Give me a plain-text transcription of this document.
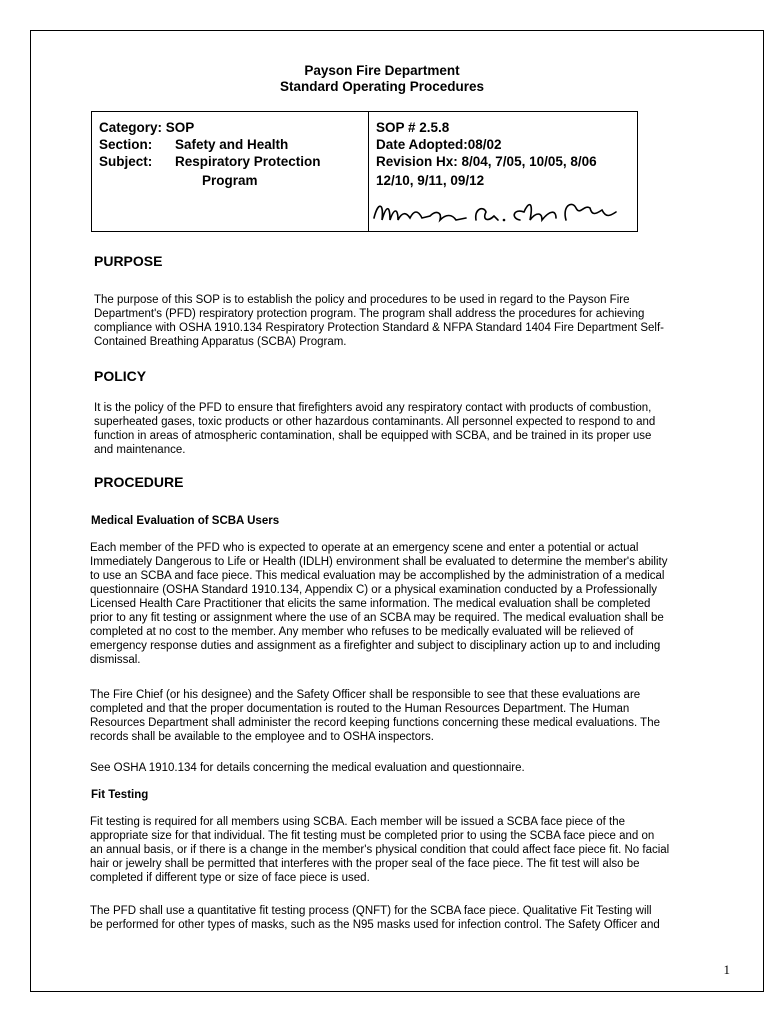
Payson Fire Department
Standard Operating Procedures
Category: SOP
Section: Safety and Health
Subject: Respiratory Protection
Program
SOP # 2.5.8
Date Adopted:08/02
Revision Hx: 8/04, 7/05, 10/05, 8/06
12/10, 9/11, 09/12
PURPOSE
The purpose of this SOP is to establish the policy and procedures to be used in regard to the Payson Fire
Department's (PFD) respiratory protection program. The program shall address the procedures for achieving
compliance with OSHA 1910.134 Respiratory Protection Standard & NFPA Standard 1404 Fire Department Self-
Contained Breathing Apparatus (SCBA) Program.
POLICY
It is the policy of the PFD to ensure that firefighters avoid any respiratory contact with products of combustion,
superheated gases, toxic products or other hazardous contaminants. All personnel expected to respond to and
function in areas of atmospheric contamination, shall be equipped with SCBA, and be trained in its proper use
and maintenance.
PROCEDURE
Medical Evaluation of SCBA Users
Each member of the PFD who is expected to operate at an emergency scene and enter a potential or actual
Immediately Dangerous to Life or Health (IDLH) environment shall be evaluated to determine the member's ability
to use an SCBA and face piece. This medical evaluation may be accomplished by the administration of a medical
questionnaire (OSHA Standard 1910.134, Appendix C) or a physical examination conducted by a Professionally
Licensed Health Care Practitioner that elicits the same information. The medical evaluation shall be completed
prior to any fit testing or assignment where the use of an SCBA may be required. The medical evaluation shall be
completed at no cost to the member. Any member who refuses to be medically evaluated will be relieved of
emergency response duties and assignment as a firefighter and subject to disciplinary action up to and including
dismissal.
The Fire Chief (or his designee) and the Safety Officer shall be responsible to see that these evaluations are
completed and that the proper documentation is routed to the Human Resources Department. The Human
Resources Department shall administer the record keeping functions concerning these medical evaluations. The
records shall be available to the employee and to OSHA inspectors.
See OSHA 1910.134 for details concerning the medical evaluation and questionnaire.
Fit Testing
Fit testing is required for all members using SCBA. Each member will be issued a SCBA face piece of the
appropriate size for that individual. The fit testing must be completed prior to using the SCBA face piece and on
an annual basis, or if there is a change in the member's physical condition that could affect face piece fit. No facial
hair or jewelry shall be permitted that interferes with the proper seal of the face piece. The fit test will also be
completed if different type or size of face piece is used.
The PFD shall use a quantitative fit testing process (QNFT) for the SCBA face piece. Qualitative Fit Testing will
be performed for other types of masks, such as the N95 masks used for infection control. The Safety Officer and
1
